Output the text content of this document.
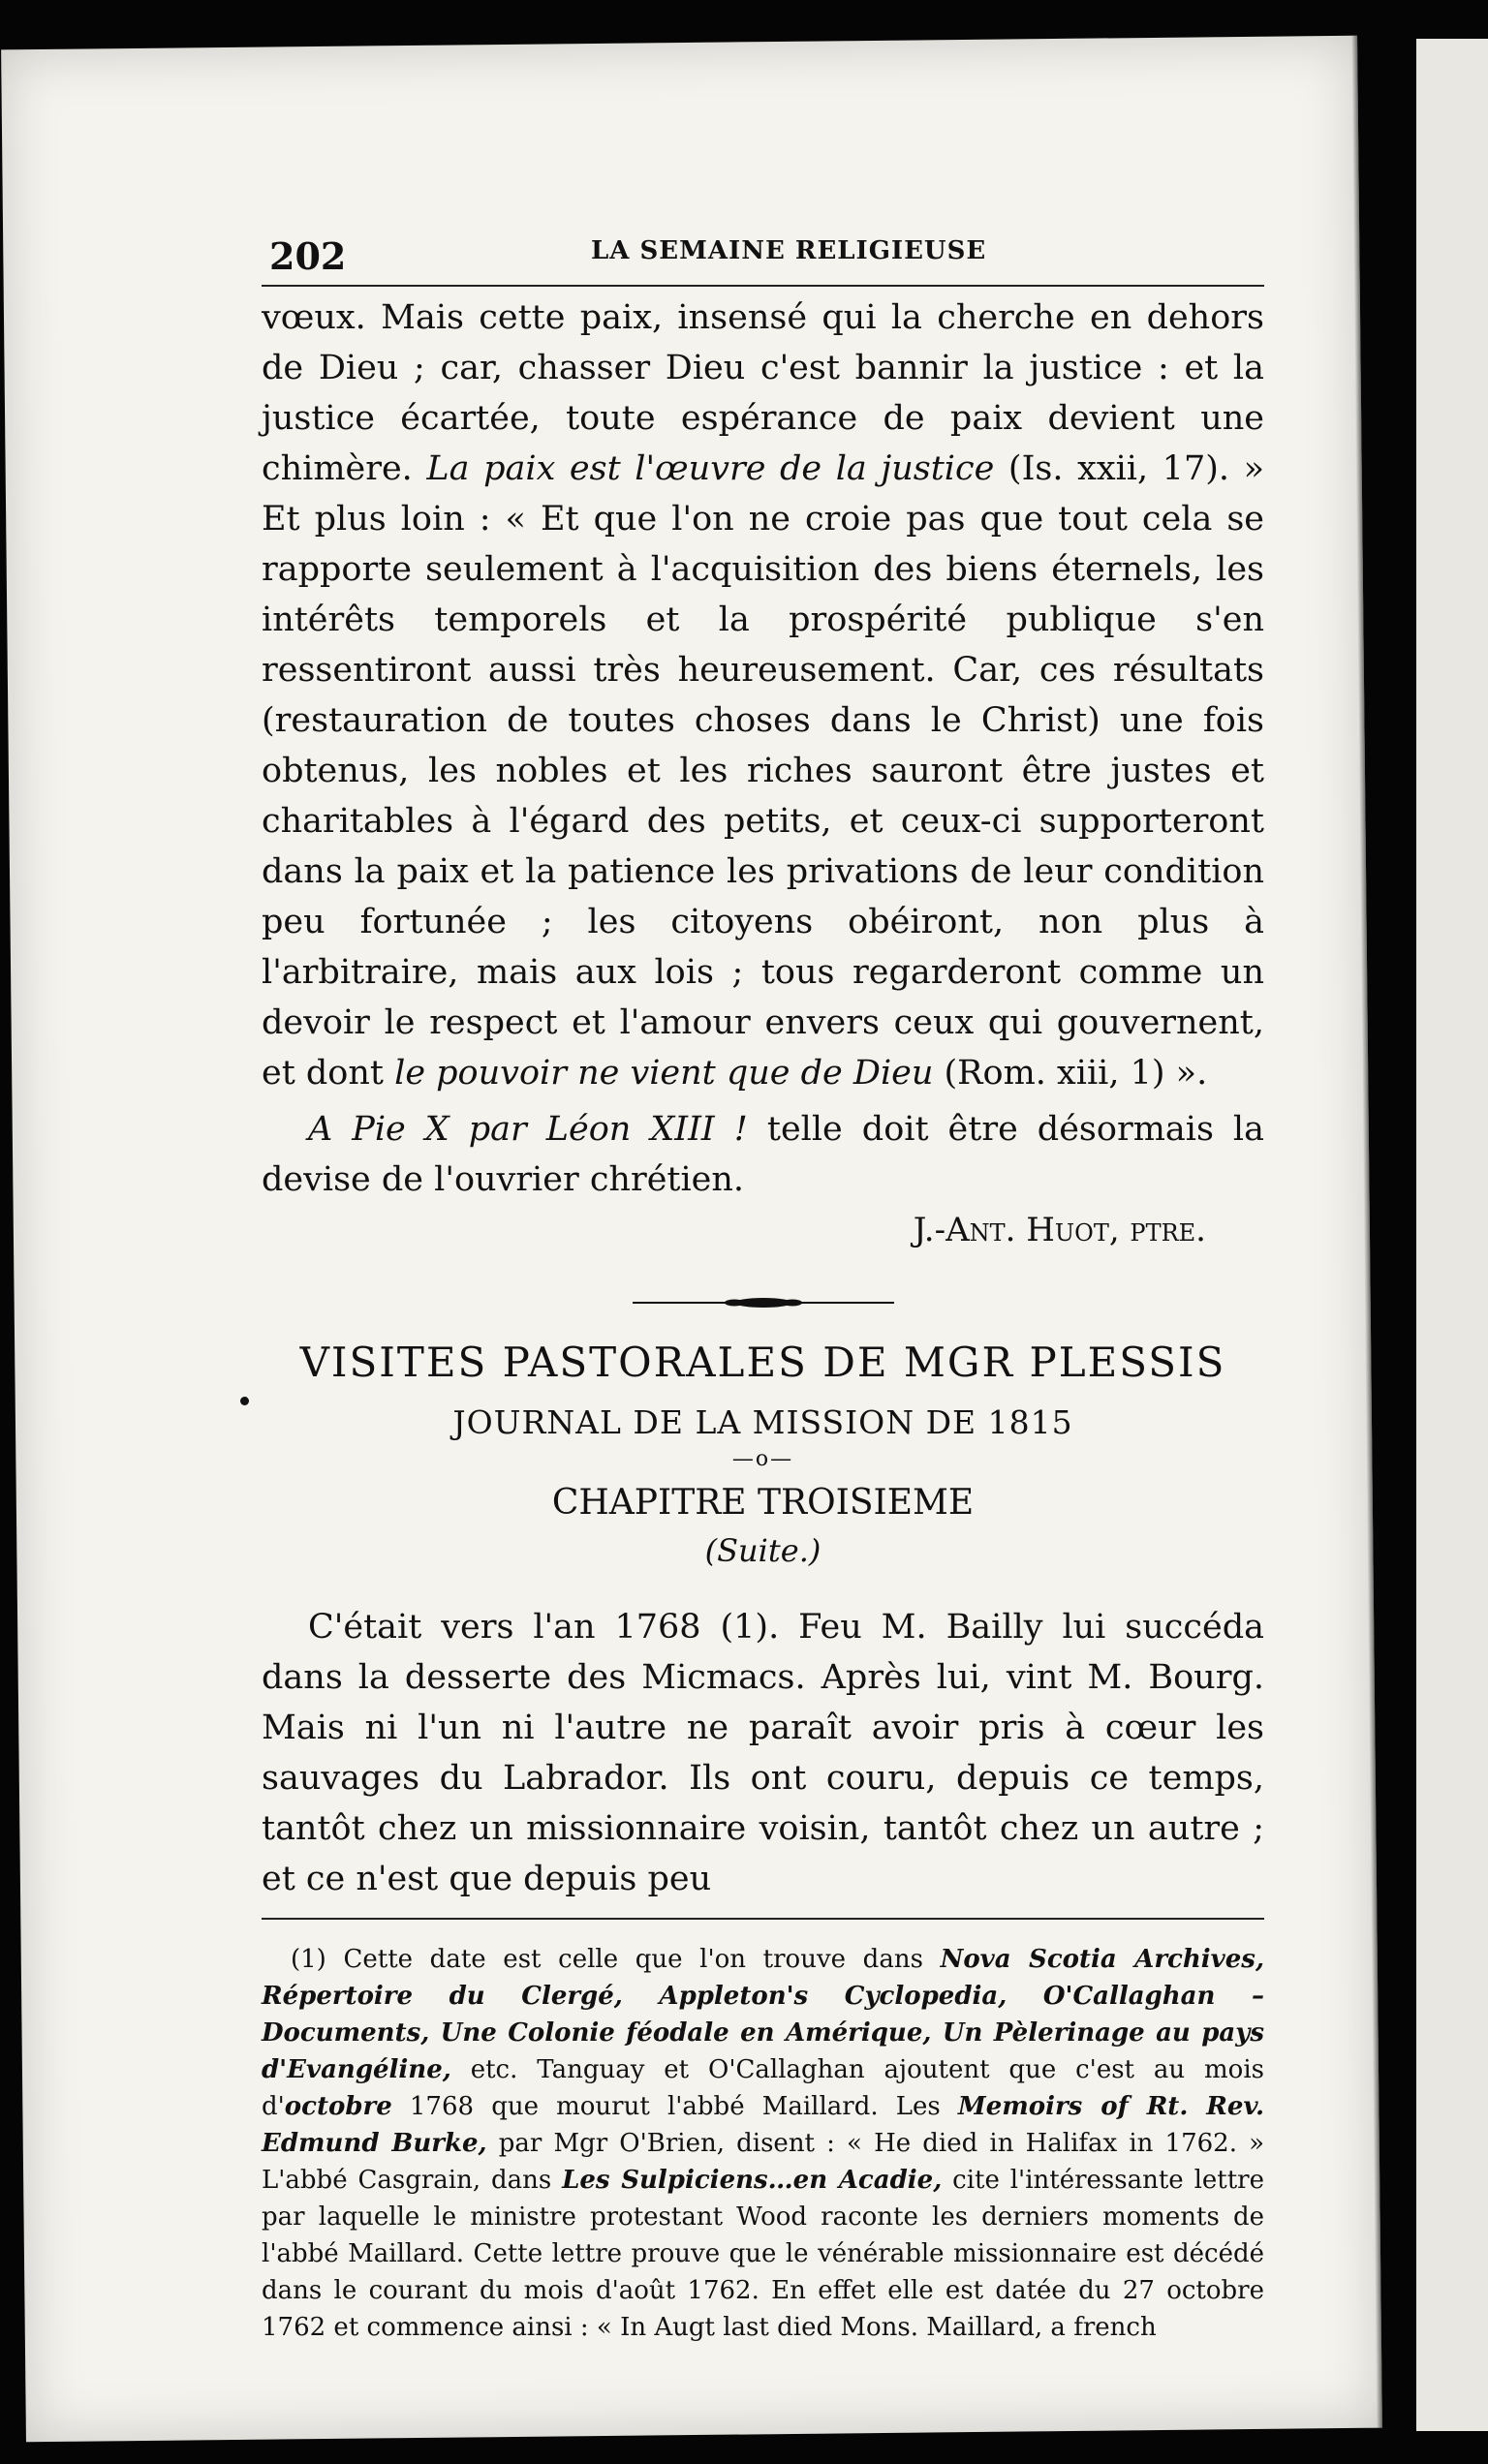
202	LA SEMAINE RELIGIEUSE

vœux. Mais cette paix, insensé qui la cherche en dehors de Dieu ; car, chasser Dieu c'est bannir la justice : et la justice écartée, toute espérance de paix devient une chimère. La paix est l'œuvre de la justice (Is. xxii, 17). » Et plus loin : « Et que l'on ne croie pas que tout cela se rapporte seulement à l'acquisition des biens éternels, les intérêts temporels et la prospérité publique s'en ressentiront aussi très heureusement. Car, ces résultats (restauration de toutes choses dans le Christ) une fois obtenus, les nobles et les riches sauront être justes et charitables à l'égard des petits, et ceux-ci supporteront dans la paix et la patience les privations de leur condition peu fortunée ; les citoyens obéiront, non plus à l'arbitraire, mais aux lois ; tous regarderont comme un devoir le respect et l'amour envers ceux qui gouvernent, et dont le pouvoir ne vient que de Dieu (Rom. xiii, 1) ».

A Pie X par Léon XIII ! telle doit être désormais la devise de l'ouvrier chrétien.

J.-Ant. Huot, ptre.
VISITES PASTORALES DE MGR PLESSIS
JOURNAL DE LA MISSION DE 1815
—o—
CHAPITRE TROISIEME
(Suite.)

C'était vers l'an 1768 (1). Feu M. Bailly lui succéda dans la desserte des Micmacs. Après lui, vint M. Bourg. Mais ni l'un ni l'autre ne paraît avoir pris à cœur les sauvages du Labrador. Ils ont couru, depuis ce temps, tantôt chez un missionnaire voisin, tantôt chez un autre ; et ce n'est que depuis peu

(1) Cette date est celle que l'on trouve dans Nova Scotia Archives, Répertoire du Clergé, Appleton's Cyclopedia, O'Callaghan – Documents, Une Colonie féodale en Amérique, Un Pèlerinage au pays d'Evangéline, etc. Tanguay et O'Callaghan ajoutent que c'est au mois d'octobre 1768 que mourut l'abbé Maillard. Les Memoirs of Rt. Rev. Edmund Burke, par Mgr O'Brien, disent : « He died in Halifax in 1762. » L'abbé Casgrain, dans Les Sulpiciens…en Acadie, cite l'intéressante lettre par laquelle le ministre protestant Wood raconte les derniers moments de l'abbé Maillard. Cette lettre prouve que le vénérable missionnaire est décédé dans le courant du mois d'août 1762. En effet elle est datée du 27 octobre 1762 et commence ainsi : « In Augt last died Mons. Maillard, a french
